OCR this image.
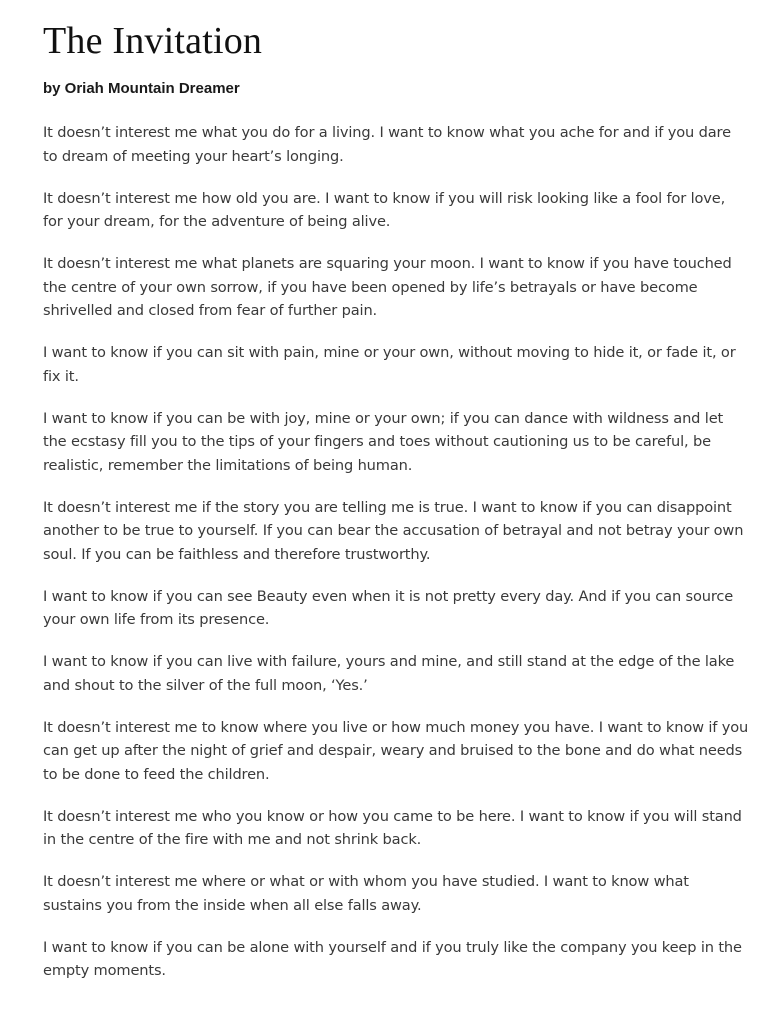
The Invitation
by Oriah Mountain Dreamer

It doesn’t interest me what you do for a living. I want to know what you ache for and if you dare to dream of meeting your heart’s longing.

It doesn’t interest me how old you are. I want to know if you will risk looking like a fool for love, for your dream, for the adventure of being alive.

It doesn’t interest me what planets are squaring your moon. I want to know if you have touched the centre of your own sorrow, if you have been opened by life’s betrayals or have become shrivelled and closed from fear of further pain.

I want to know if you can sit with pain, mine or your own, without moving to hide it, or fade it, or fix it.

I want to know if you can be with joy, mine or your own; if you can dance with wildness and let the ecstasy fill you to the tips of your fingers and toes without cautioning us to be careful, be realistic, remember the limitations of being human.

It doesn’t interest me if the story you are telling me is true. I want to know if you can disappoint another to be true to yourself. If you can bear the accusation of betrayal and not betray your own soul. If you can be faithless and therefore trustworthy.

I want to know if you can see Beauty even when it is not pretty every day. And if you can source your own life from its presence.

I want to know if you can live with failure, yours and mine, and still stand at the edge of the lake and shout to the silver of the full moon, ‘Yes.’

It doesn’t interest me to know where you live or how much money you have. I want to know if you can get up after the night of grief and despair, weary and bruised to the bone and do what needs to be done to feed the children.

It doesn’t interest me who you know or how you came to be here. I want to know if you will stand in the centre of the fire with me and not shrink back.

It doesn’t interest me where or what or with whom you have studied. I want to know what sustains you from the inside when all else falls away.

I want to know if you can be alone with yourself and if you truly like the company you keep in the empty moments.
